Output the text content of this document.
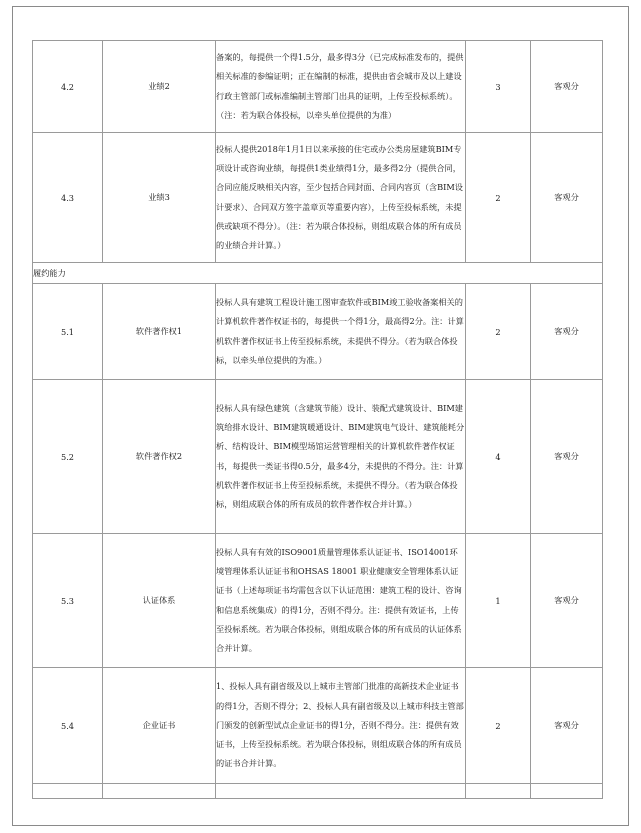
4.2	业绩2	备案的，每提供一个得1.5分，最多得3分（已完成标准发布的，提供相关标准的参编证明；正在编制的标准，提供由省会城市及以上建设行政主管部门或标准编制主管部门出具的证明，上传至投标系统）。（注：若为联合体投标，以牵头单位提供的为准）	3	客观分
4.3	业绩3	投标人提供2018年1月1日以来承接的住宅或办公类房屋建筑BIM专项设计或咨询业绩，每提供1类业绩得1分，最多得2分（提供合同，合同应能反映相关内容，至少包括合同封面、合同内容页（含BIM设计要求）、合同双方签字盖章页等重要内容），上传至投标系统，未提供或缺项不得分）。（注：若为联合体投标，则组成联合体的所有成员的业绩合并计算。）	2	客观分
履约能力				
5.1	软件著作权1	投标人具有建筑工程设计施工图审查软件或BIM竣工验收备案相关的计算机软件著作权证书的，每提供一个得1分，最高得2分。注：计算机软件著作权证书上传至投标系统，未提供不得分。（若为联合体投标，以牵头单位提供的为准。）	2	客观分
5.2	软件著作权2	投标人具有绿色建筑（含建筑节能）设计、装配式建筑设计、BIM建筑给排水设计、BIM建筑暖通设计、BIM建筑电气设计、建筑能耗分析、结构设计、BIM模型场馆运营管理相关的计算机软件著作权证书，每提供一类证书得0.5分，最多4分，未提供的不得分。注：计算机软件著作权证书上传至投标系统，未提供不得分。（若为联合体投标，则组成联合体的所有成员的软件著作权合并计算。）	4	客观分
5.3	认证体系	投标人具有有效的ISO9001质量管理体系认证证书、ISO14001环境管理体系认证证书和OHSAS 18001 职业健康安全管理体系认证证书（上述每项证书均需包含以下认证范围：建筑工程的设计、咨询和信息系统集成）的得1分，否则不得分。注：提供有效证书，上传至投标系统。若为联合体投标，则组成联合体的所有成员的认证体系合并计算。	1	客观分
5.4	企业证书	1、投标人具有副省级及以上城市主管部门批准的高新技术企业证书的得1分，否则不得分；2、投标人具有副省级及以上城市科技主管部门颁发的创新型试点企业证书的得1分，否则不得分。注：提供有效证书，上传至投标系统。若为联合体投标，则组成联合体的所有成员的证书合并计算。	2	客观分
